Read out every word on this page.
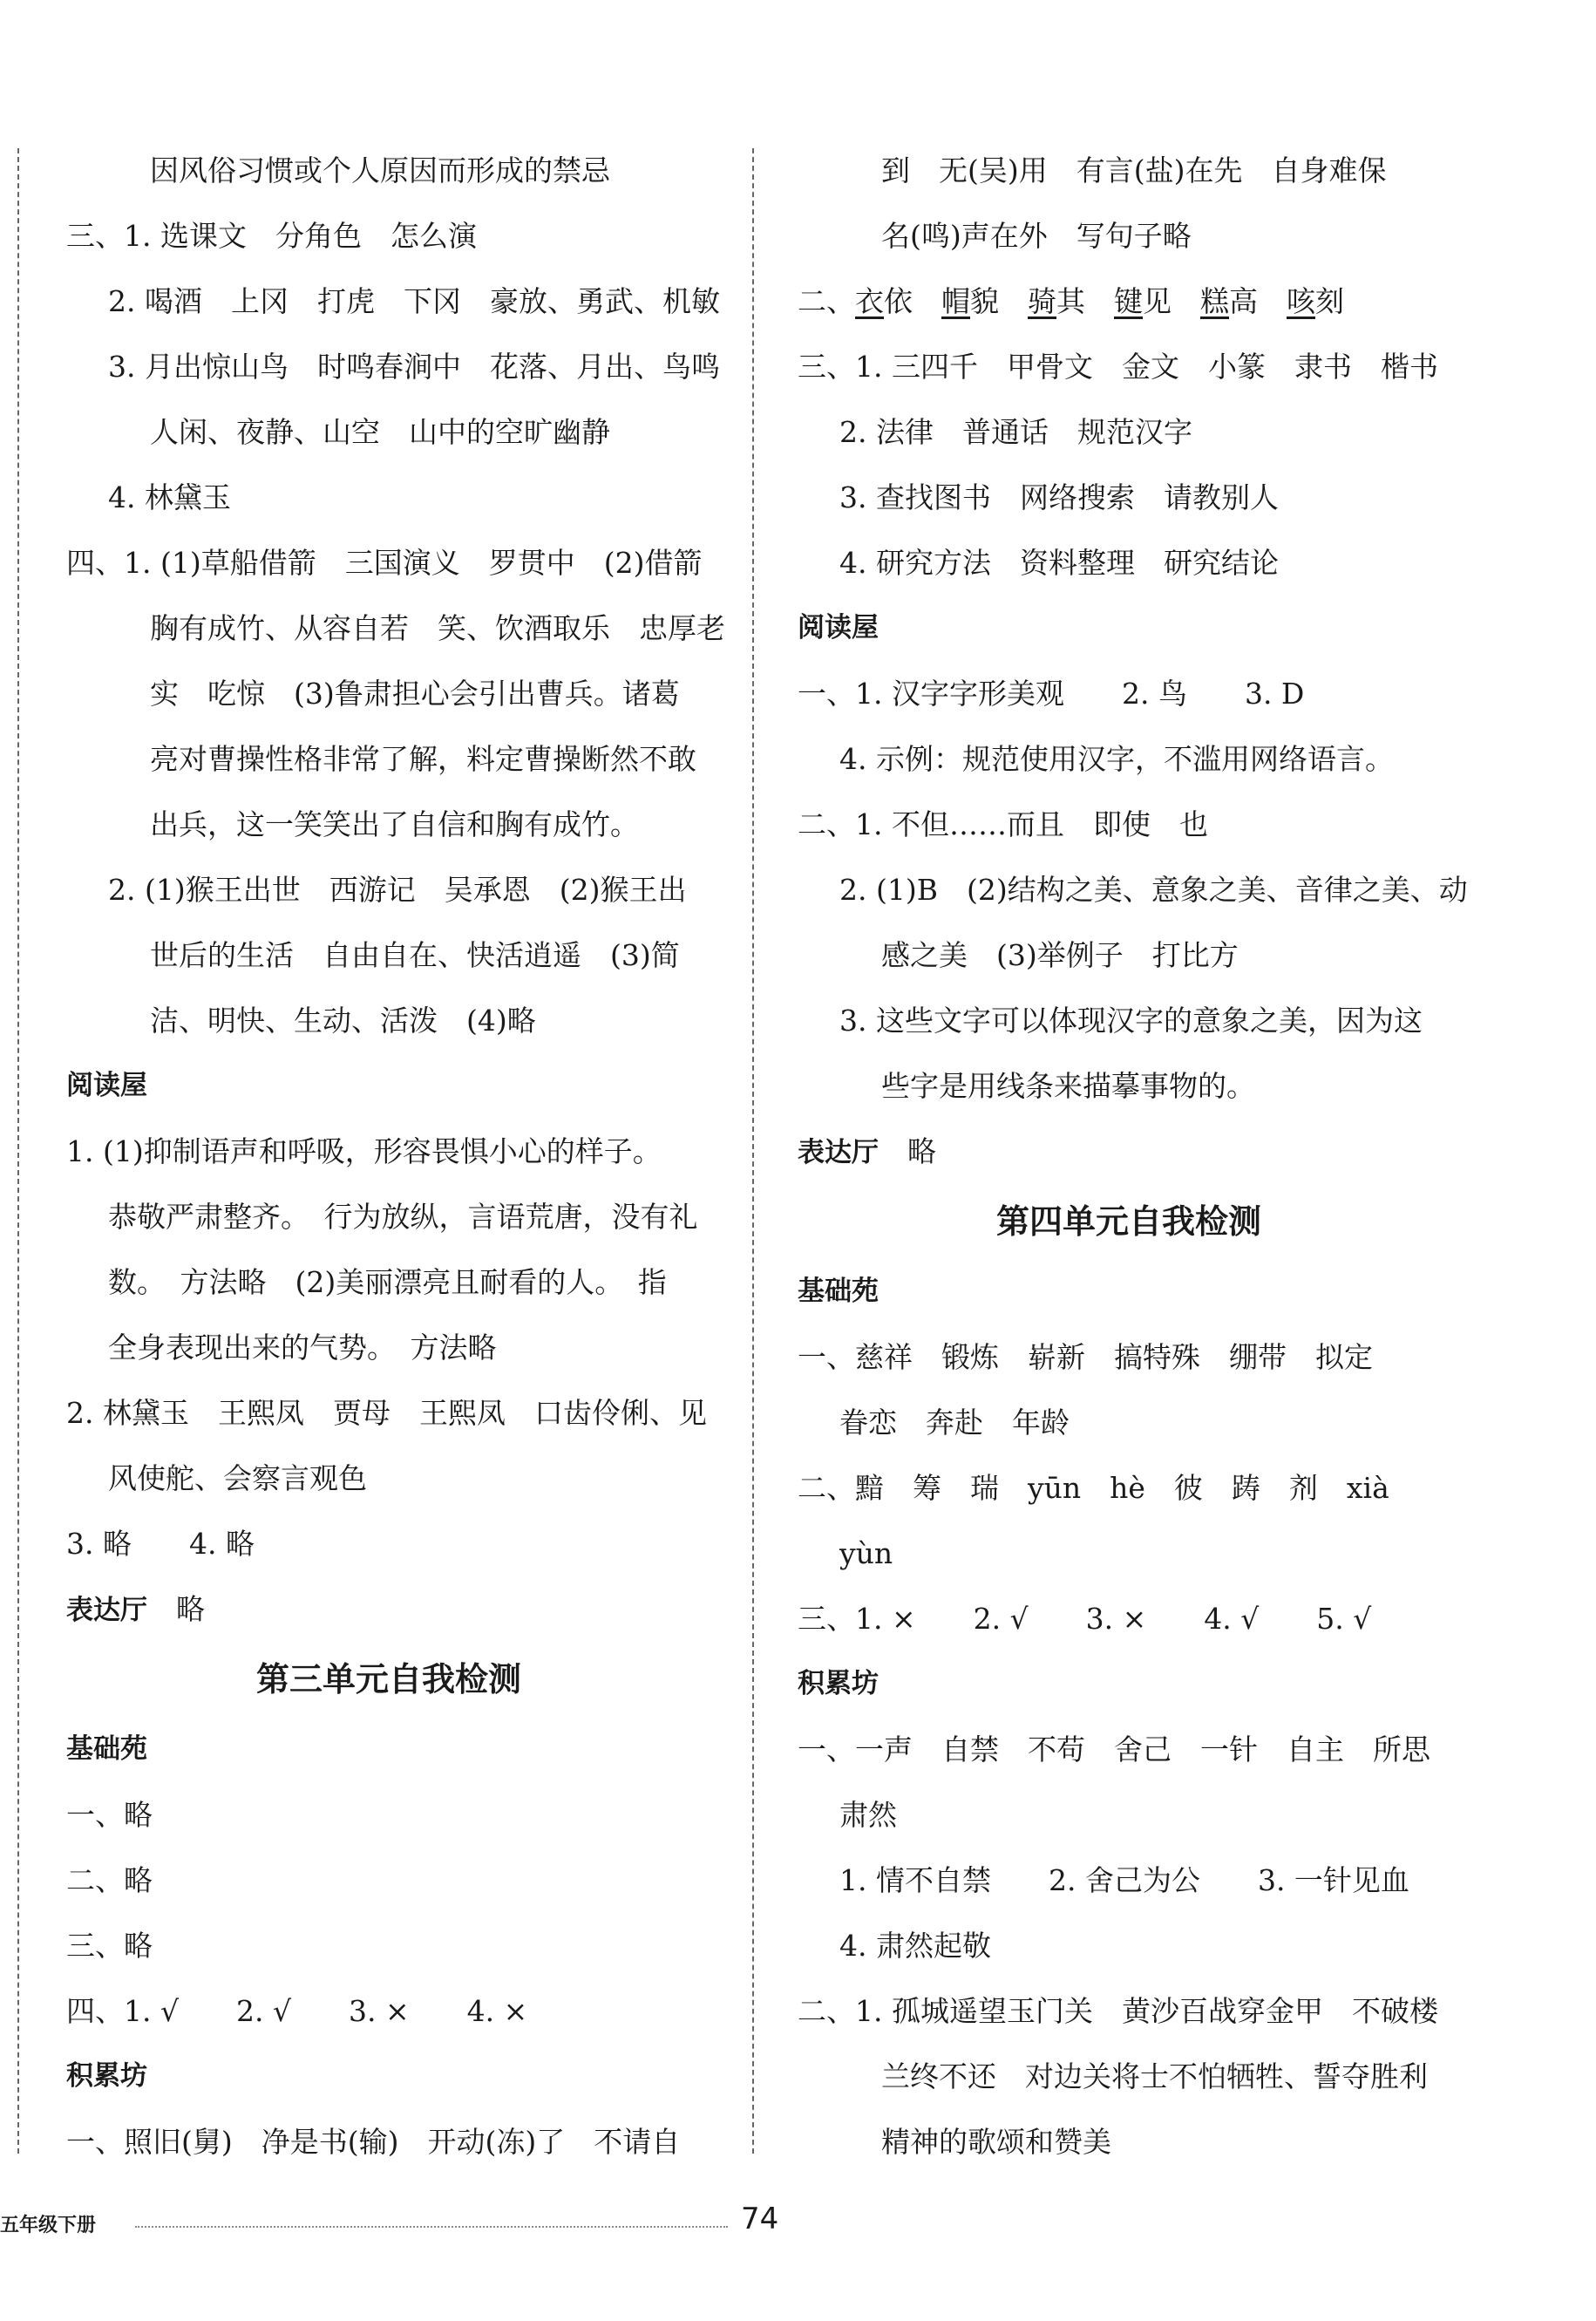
因风俗习惯或个人原因而形成的禁忌
三、1. 选课文　分角色　怎么演
2. 喝酒　上冈　打虎　下冈　豪放、勇武、机敏
3. 月出惊山鸟　时鸣春涧中　花落、月出、鸟鸣
人闲、夜静、山空　山中的空旷幽静
4. 林黛玉
四、1. (1)草船借箭　三国演义　罗贯中　(2)借箭
胸有成竹、从容自若　笑、饮酒取乐　忠厚老
实　吃惊　(3)鲁肃担心会引出曹兵。诸葛
亮对曹操性格非常了解，料定曹操断然不敢
出兵，这一笑笑出了自信和胸有成竹。
2. (1)猴王出世　西游记　吴承恩　(2)猴王出
世后的生活　自由自在、快活逍遥　(3)简
洁、明快、生动、活泼　(4)略
阅读屋
1. (1)抑制语声和呼吸，形容畏惧小心的样子。
恭敬严肃整齐。　行为放纵，言语荒唐，没有礼
数。　方法略　(2)美丽漂亮且耐看的人。　指
全身表现出来的气势。　方法略
2. 林黛玉　王熙凤　贾母　王熙凤　口齿伶俐、见
风使舵、会察言观色
3. 略　　4. 略
表达厅　 略
第三单元自我检测
基础苑
一、略
二、略
三、略
四、1. √　　2. √　　3. ×　　4. ×
积累坊
一、照旧(舅)　净是书(输)　开动(冻)了　不请自
到　无(吴)用　有言(盐)在先　自身难保
名(鸣)声在外　写句子略
二、衣依　 帽貌　 骑其　 键见　 糕高　 咳刻
三、1. 三四千　甲骨文　金文　小篆　隶书　楷书
2. 法律　普通话　规范汉字
3. 查找图书　网络搜索　请教别人
4. 研究方法　资料整理　研究结论
阅读屋
一、1. 汉字字形美观　　2. 鸟　　3. D
4. 示例：规范使用汉字，不滥用网络语言。
二、1. 不但……而且　即使　也
2. (1)B　(2)结构之美、意象之美、音律之美、动
感之美　(3)举例子　打比方
3. 这些文字可以体现汉字的意象之美，因为这
些字是用线条来描摹事物的。
表达厅　 略
第四单元自我检测
基础苑
一、慈祥　锻炼　崭新　搞特殊　绷带　拟定
眷恋　奔赴　年龄
二、黯　筹　瑞　yūn　hè　彼　踌　剂　xià
yùn
三、1. ×　　2. √　　3. ×　　4. √　　5. √
积累坊
一、一声　自禁　不苟　舍己　一针　自主　所思
肃然
1. 情不自禁　　2. 舍己为公　　3. 一针见血
4. 肃然起敬
二、1. 孤城遥望玉门关　黄沙百战穿金甲　不破楼
兰终不还　对边关将士不怕牺牲、誓夺胜利
精神的歌颂和赞美
五年级下册	74
